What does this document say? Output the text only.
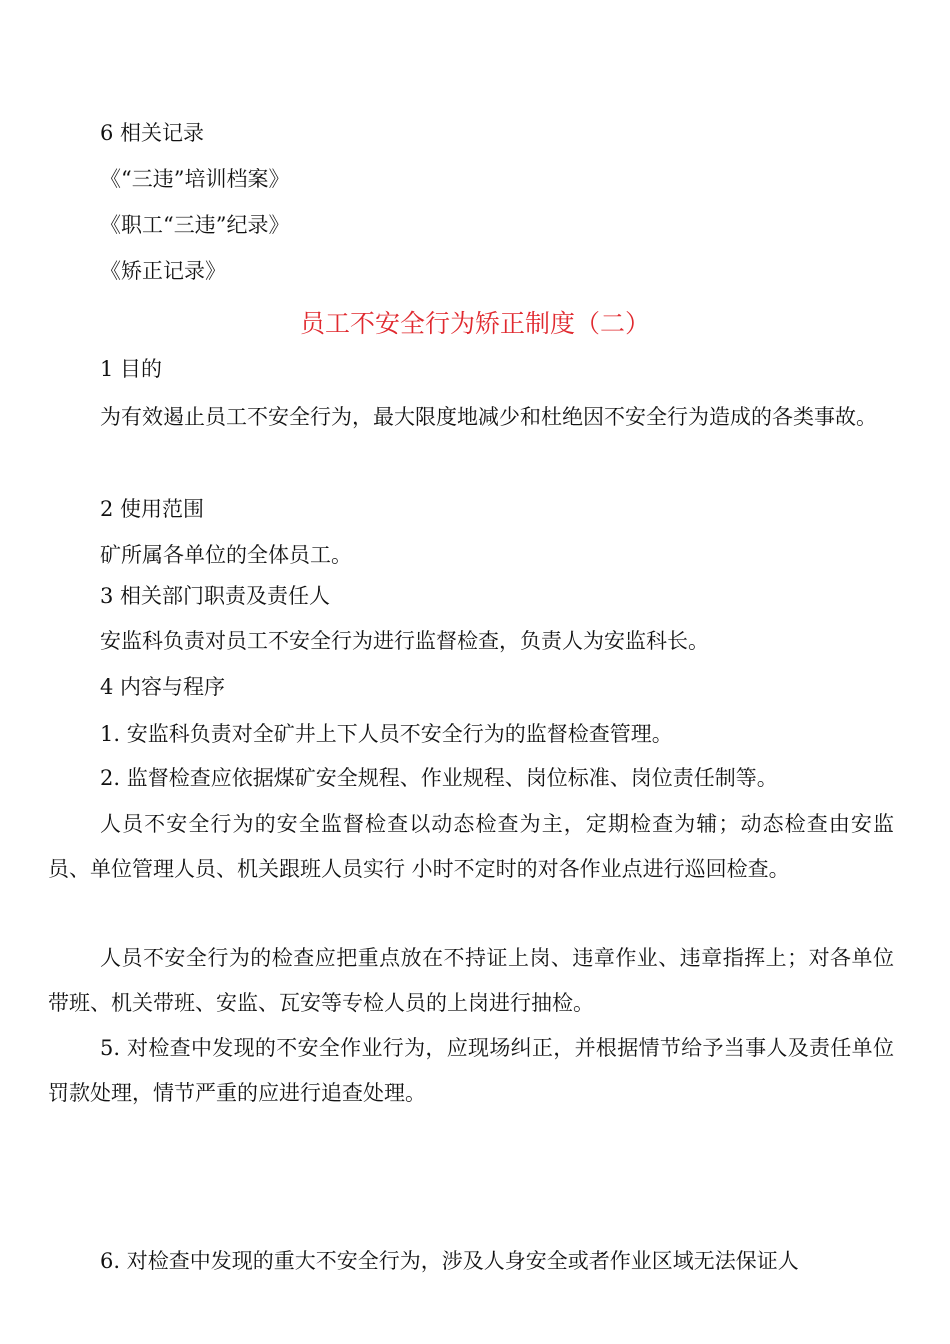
6 相关记录
《“三违”培训档案》
《职工“三违”纪录》
《矫正记录》
员工不安全行为矫正制度（二）
1 目的
为有效遏止员工不安全行为，最大限度地减少和杜绝因不安全行为造成的各类事故。
2 使用范围
矿所属各单位的全体员工。
3 相关部门职责及责任人
安监科负责对员工不安全行为进行监督检查，负责人为安监科长。
4 内容与程序
1. 安监科负责对全矿井上下人员不安全行为的监督检查管理。
2. 监督检查应依据煤矿安全规程、作业规程、岗位标准、岗位责任制等。
人员不安全行为的安全监督检查以动态检查为主，定期检查为辅；动态检查由安监员、单位管理人员、机关跟班人员实行 小时不定时的对各作业点进行巡回检查。
人员不安全行为的检查应把重点放在不持证上岗、违章作业、违章指挥上；对各单位带班、机关带班、安监、瓦安等专检人员的上岗进行抽检。
5. 对检查中发现的不安全作业行为，应现场纠正，并根据情节给予当事人及责任单位罚款处理，情节严重的应进行追查处理。
6. 对检查中发现的重大不安全行为，涉及人身安全或者作业区域无法保证人
